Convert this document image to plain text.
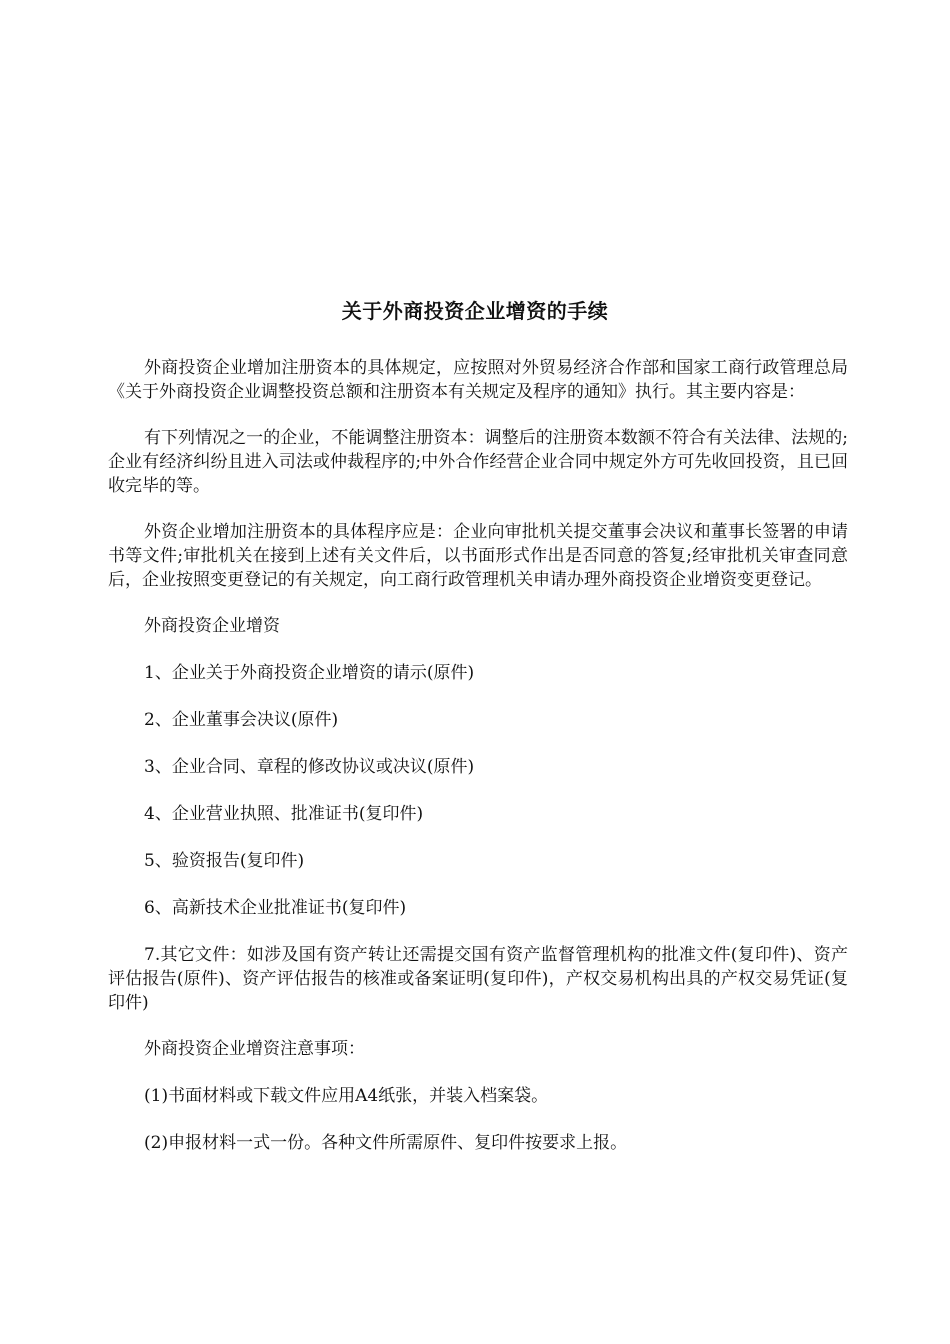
关于外商投资企业增资的手续

外商投资企业增加注册资本的具体规定，应按照对外贸易经济合作部和国家工商行政管理总局《关于外商投资企业调整投资总额和注册资本有关规定及程序的通知》执行。其主要内容是：

有下列情况之一的企业，不能调整注册资本：调整后的注册资本数额不符合有关法律、法规的;企业有经济纠纷且进入司法或仲裁程序的;中外合作经营企业合同中规定外方可先收回投资，且已回收完毕的等。

外资企业增加注册资本的具体程序应是：企业向审批机关提交董事会决议和董事长签署的申请书等文件;审批机关在接到上述有关文件后，以书面形式作出是否同意的答复;经审批机关审查同意后，企业按照变更登记的有关规定，向工商行政管理机关申请办理外商投资企业增资变更登记。

外商投资企业增资

1、企业关于外商投资企业增资的请示(原件)

2、企业董事会决议(原件)

3、企业合同、章程的修改协议或决议(原件)

4、企业营业执照、批准证书(复印件)

5、验资报告(复印件)

6、高新技术企业批准证书(复印件)

7.其它文件：如涉及国有资产转让还需提交国有资产监督管理机构的批准文件(复印件)、资产评估报告(原件)、资产评估报告的核准或备案证明(复印件)，产权交易机构出具的产权交易凭证(复印件)

外商投资企业增资注意事项：

(1)书面材料或下载文件应用A4纸张，并装入档案袋。

(2)申报材料一式一份。各种文件所需原件、复印件按要求上报。
